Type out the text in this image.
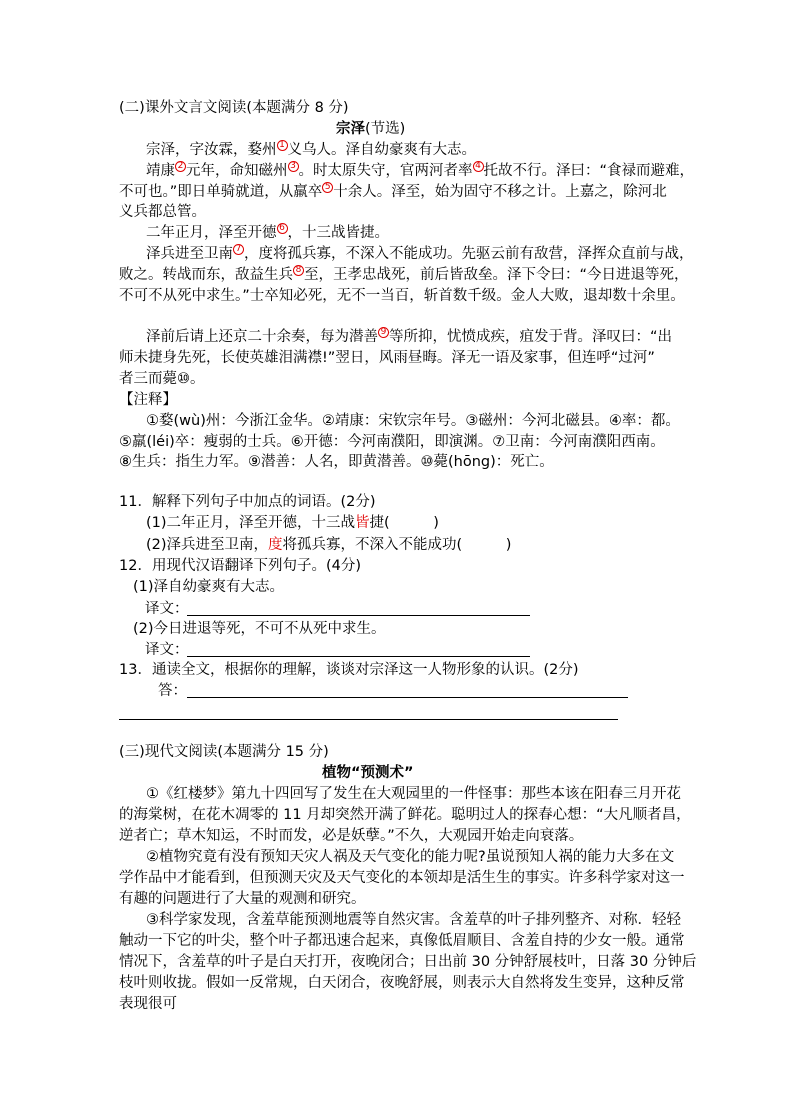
(二)课外文言文阅读(本题满分 8 分)
宗泽(节选)
宗泽，字汝霖，婺州 1 义乌人。泽自幼豪爽有大志。
靖康 2 元年，命知磁州 3 。时太原失守，官两河者率 4 托故不行。泽曰：“食禄而避难，
不可也。”即日单骑就道，从羸卒 5 十余人。泽至，始为固守不移之计。上嘉之，除河北
义兵都总管。
二年正月，泽至开德 6 ，十三战皆捷。
泽兵进至卫南 7 ，度将孤兵寡，不深入不能成功。先驱云前有敌营，泽挥众直前与战，
败之。转战而东，敌益生兵 8 至，王孝忠战死，前后皆敌垒。泽下令曰：“今日进退等死，
不可不从死中求生。”士卒知必死，无不一当百，斩首数千级。金人大败，退却数十余里。
泽前后请上还京二十余奏，每为潜善 9 等所抑，忧愤成疾，疽发于背。泽叹曰：“出
师未捷身先死，长使英雄泪满襟!”翌日，风雨昼晦。泽无一语及家事，但连呼“过河”
者三而薨⑩。
【注释】
①婺(wù)州：今浙江金华。②靖康：宋钦宗年号。③磁州：今河北磁县。④率：都。
⑤羸(léi)卒：瘦弱的士兵。⑥开德：今河南濮阳，即演渊。⑦卫南：今河南濮阳西南。
⑧生兵：指生力军。⑨潜善：人名，即黄潜善。⑩薨(hōng)：死亡。
11．解释下列句子中加点的词语。(2分)
(1)二年正月，泽至开德，十三战皆捷(　　　)
(2)泽兵进至卫南，度将孤兵寡，不深入不能成功(　　　)
12．用现代汉语翻译下列句子。(4分)
(1)泽自幼豪爽有大志。
译文：
(2)今日进退等死，不可不从死中求生。
译文：
13．通读全文，根据你的理解，谈谈对宗泽这一人物形象的认识。(2分)
答：
(三)现代文阅读(本题满分 15 分)
植物“预测术”
①《红楼梦》第九十四回写了发生在大观园里的一件怪事：那些本该在阳春三月开花
的海棠树，在花木凋零的 11 月却突然开满了鲜花。聪明过人的探春心想：“大凡顺者昌，
逆者亡；草木知运，不时而发，必是妖孽。”不久，大观园开始走向衰落。
②植物究竟有没有预知天灾人祸及天气变化的能力呢?虽说预知人祸的能力大多在文
学作品中才能看到，但预测天灾及天气变化的本领却是活生生的事实。许多科学家对这一
有趣的问题进行了大量的观测和研究。
③科学家发现，含羞草能预测地震等自然灾害。含羞草的叶子排列整齐、对称．轻轻
触动一下它的叶尖，整个叶子都迅速合起来，真像低眉顺目、含羞自持的少女一般。通常
情况下，含羞草的叶子是白天打开，夜晚闭合；日出前 30 分钟舒展枝叶，日落 30 分钟后
枝叶则收拢。假如一反常规，白天闭合，夜晚舒展，则表示大自然将发生变异，这种反常
表现很可
